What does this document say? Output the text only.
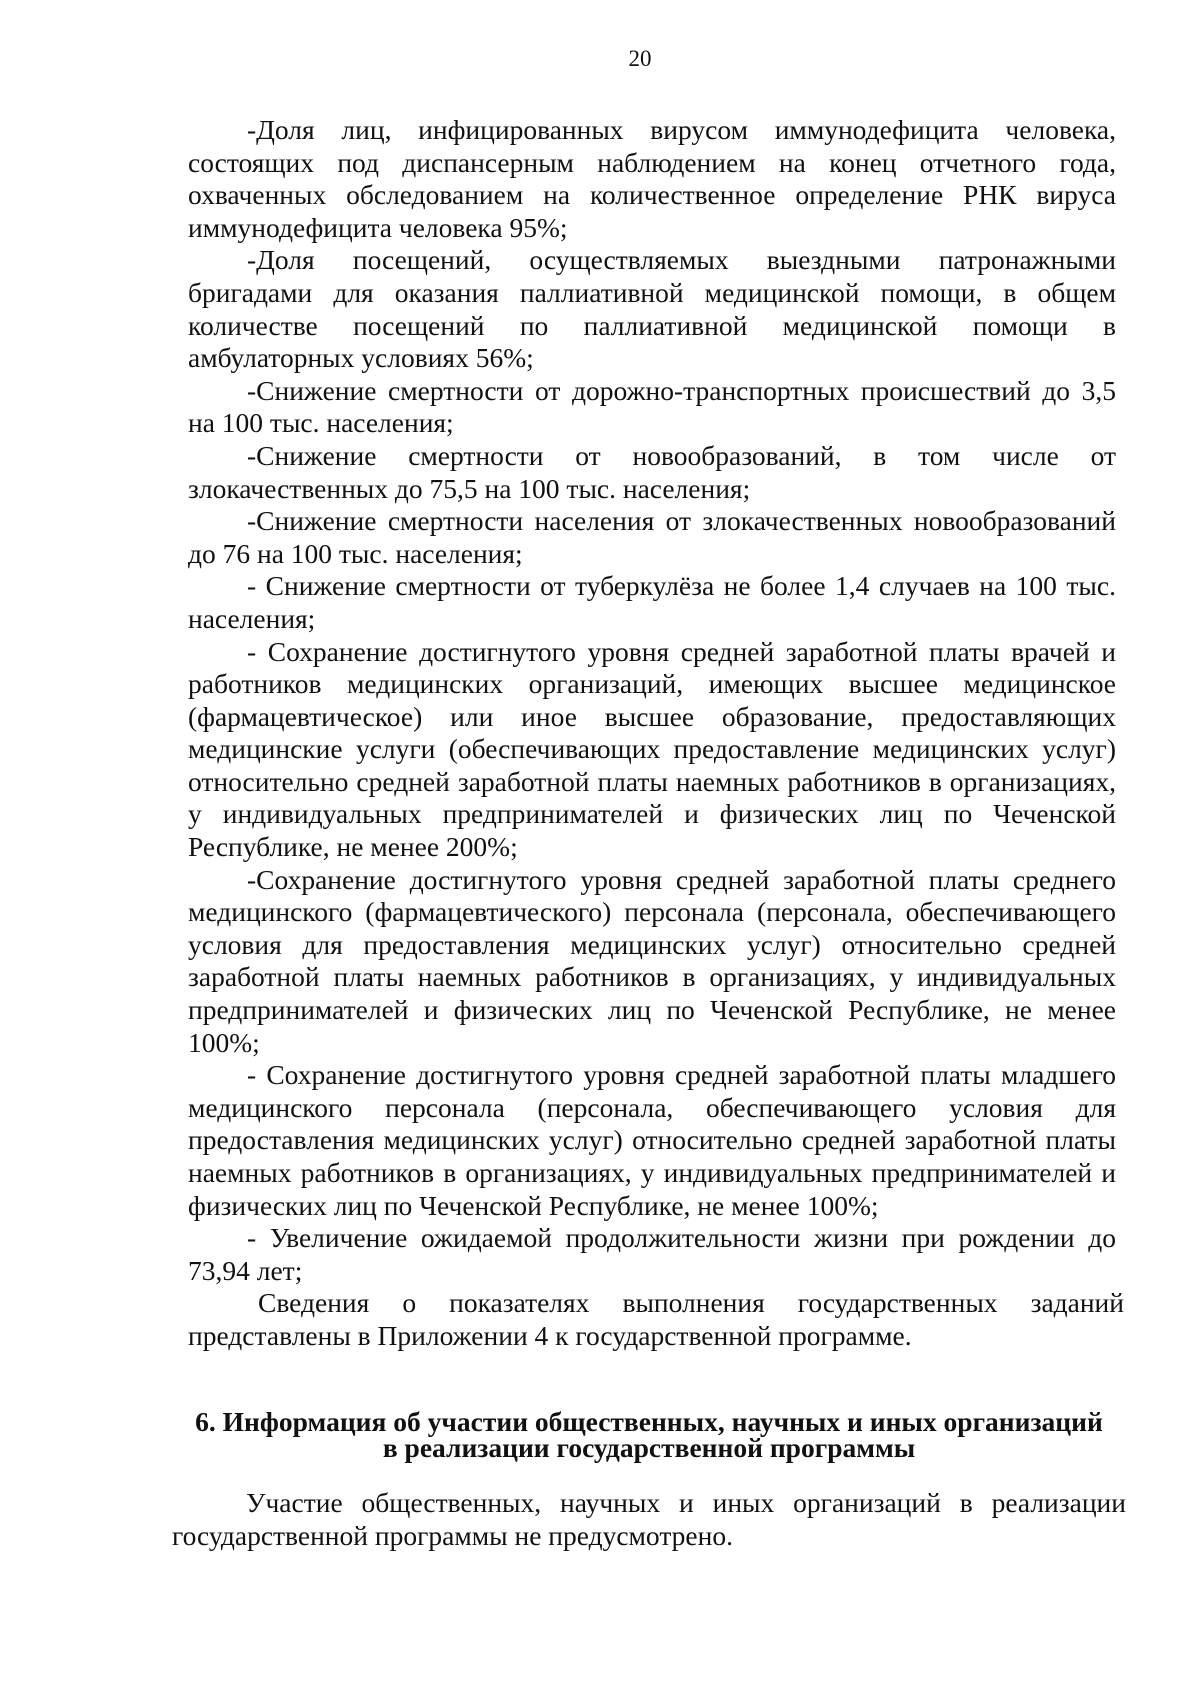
20

-Доля лиц, инфицированных вирусом иммунодефицита человека, состоящих под диспансерным наблюдением на конец отчетного года, охваченных обследованием на количественное определение РНК вируса иммунодефицита человека 95%;

-Доля посещений, осуществляемых выездными патронажными бригадами для оказания паллиативной медицинской помощи, в общем количестве посещений по паллиативной медицинской помощи в амбулаторных условиях 56%;

-Снижение смертности от дорожно-транспортных происшествий до 3,5 на 100 тыс. населения;

-Снижение смертности от новообразований, в том числе от злокачественных до 75,5 на 100 тыс. населения;

-Снижение смертности населения от злокачественных новообразований до 76 на 100 тыс. населения;

- Снижение смертности от туберкулёза не более 1,4 случаев на 100 тыс. населения;

- Сохранение достигнутого уровня средней заработной платы врачей и работников медицинских организаций, имеющих высшее медицинское (фармацевтическое) или иное высшее образование, предоставляющих медицинские услуги (обеспечивающих предоставление медицинских услуг) относительно средней заработной платы наемных работников в организациях, у индивидуальных предпринимателей и физических лиц по Чеченской Республике, не менее 200%;

-Сохранение достигнутого уровня средней заработной платы среднего медицинского (фармацевтического) персонала (персонала, обеспечивающего условия для предоставления медицинских услуг) относительно средней заработной платы наемных работников в организациях, у индивидуальных предпринимателей и физических лиц по Чеченской Республике, не менее 100%;

- Сохранение достигнутого уровня средней заработной платы младшего медицинского персонала (персонала, обеспечивающего условия для предоставления медицинских услуг) относительно средней заработной платы наемных работников в организациях, у индивидуальных предпринимателей и физических лиц по Чеченской Республике, не менее 100%;

- Увеличение ожидаемой продолжительности жизни при рождении до 73,94 лет;

Сведения о показателях выполнения государственных заданий представлены в Приложении 4 к государственной программе.

6. Информация об участии общественных, научных и иных организаций
в реализации государственной программы

Участие общественных, научных и иных организаций в реализации государственной программы не предусмотрено.
